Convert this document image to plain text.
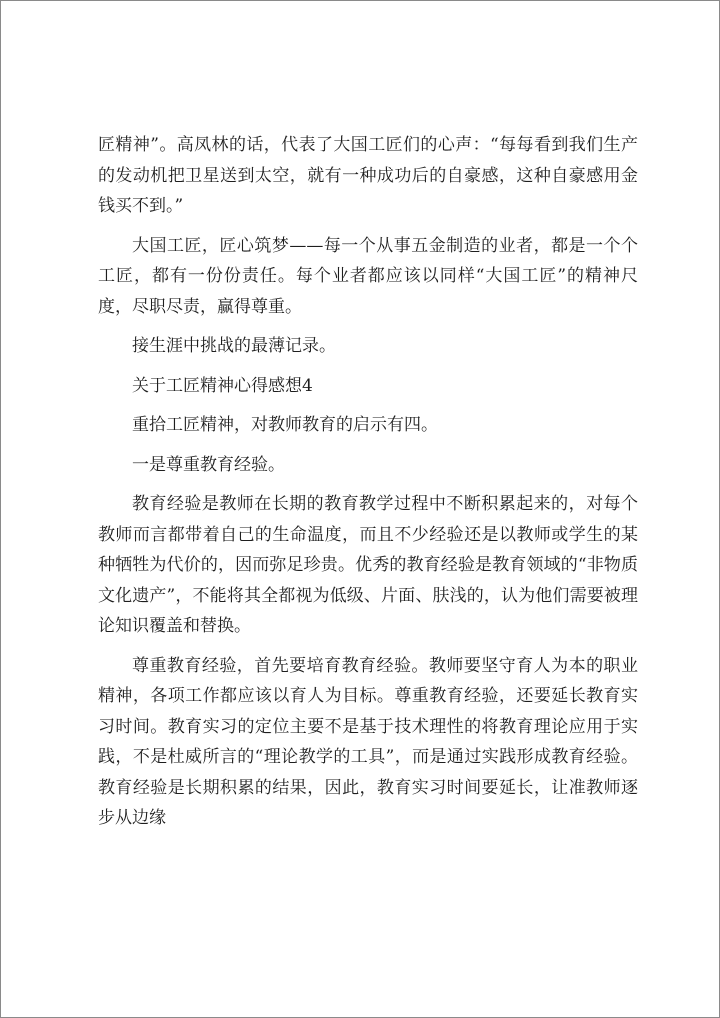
匠精神”。高凤林的话，代表了大国工匠们的心声：“每每看到我们生产的发动机把卫星送到太空，就有一种成功后的自豪感，这种自豪感用金钱买不到。”

大国工匠，匠心筑梦——每一个从事五金制造的业者，都是一个个工匠，都有一份份责任。每个业者都应该以同样“大国工匠”的精神尺度，尽职尽责，赢得尊重。

接生涯中挑战的最薄记录。

关于工匠精神心得感想4

重拾工匠精神，对教师教育的启示有四。

一是尊重教育经验。

教育经验是教师在长期的教育教学过程中不断积累起来的，对每个教师而言都带着自己的生命温度，而且不少经验还是以教师或学生的某种牺牲为代价的，因而弥足珍贵。优秀的教育经验是教育领域的“非物质文化遗产”，不能将其全都视为低级、片面、肤浅的，认为他们需要被理论知识覆盖和替换。

尊重教育经验，首先要培育教育经验。教师要坚守育人为本的职业精神，各项工作都应该以育人为目标。尊重教育经验，还要延长教育实习时间。教育实习的定位主要不是基于技术理性的将教育理论应用于实践，不是杜威所言的“理论教学的工具”，而是通过实践形成教育经验。教育经验是长期积累的结果，因此，教育实习时间要延长，让准教师逐步从边缘
